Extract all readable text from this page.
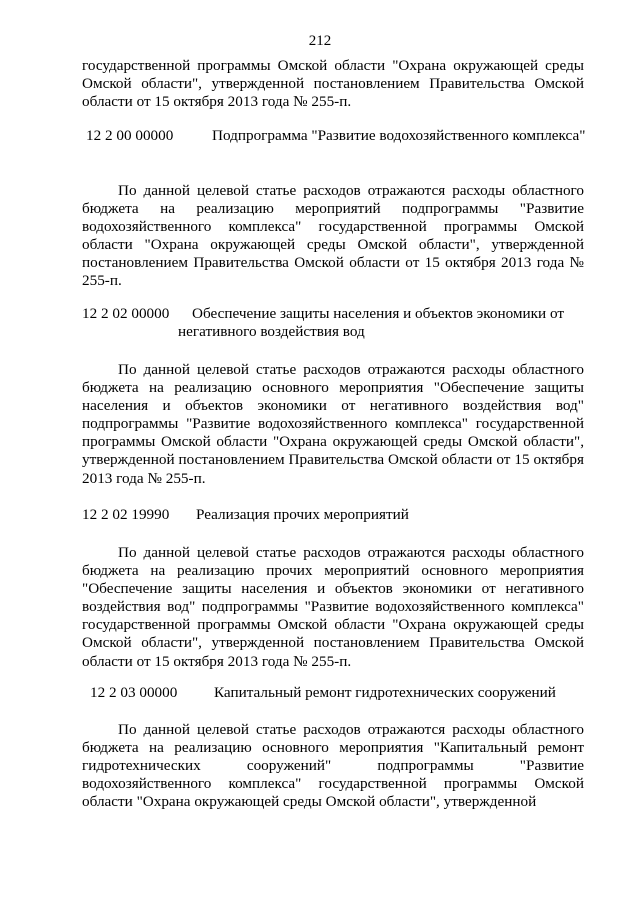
212
государственной программы Омской области "Охрана окружающей среды Омской области", утвержденной постановлением Правительства Омской области от 15 октября 2013 года № 255-п.
12 2 00 00000	Подпрограмма "Развитие водохозяйственного комплекса"
По данной целевой статье расходов отражаются расходы областного бюджета на реализацию мероприятий подпрограммы "Развитие водохозяйственного комплекса" государственной программы Омской области "Охрана окружающей среды Омской области", утвержденной постановлением Правительства Омской области от 15 октября 2013 года № 255-п.
12 2 02 00000	Обеспечение защиты населения и объектов экономики от негативного воздействия вод
По данной целевой статье расходов отражаются расходы областного бюджета на реализацию основного мероприятия "Обеспечение защиты населения и объектов экономики от негативного воздействия вод" подпрограммы "Развитие водохозяйственного комплекса" государственной программы Омской области "Охрана окружающей среды Омской области", утвержденной постановлением Правительства Омской области от 15 октября 2013 года № 255-п.
12 2 02 19990	Реализация прочих мероприятий
По данной целевой статье расходов отражаются расходы областного бюджета на реализацию прочих мероприятий основного мероприятия "Обеспечение защиты населения и объектов экономики от негативного воздействия вод" подпрограммы "Развитие водохозяйственного комплекса" государственной программы Омской области "Охрана окружающей среды Омской области", утвержденной постановлением Правительства Омской области от 15 октября 2013 года № 255-п.
12 2 03 00000	Капитальный ремонт гидротехнических сооружений
По данной целевой статье расходов отражаются расходы областного бюджета на реализацию основного мероприятия "Капитальный ремонт гидротехнических сооружений" подпрограммы "Развитие водохозяйственного комплекса" государственной программы Омской области "Охрана окружающей среды Омской области", утвержденной
